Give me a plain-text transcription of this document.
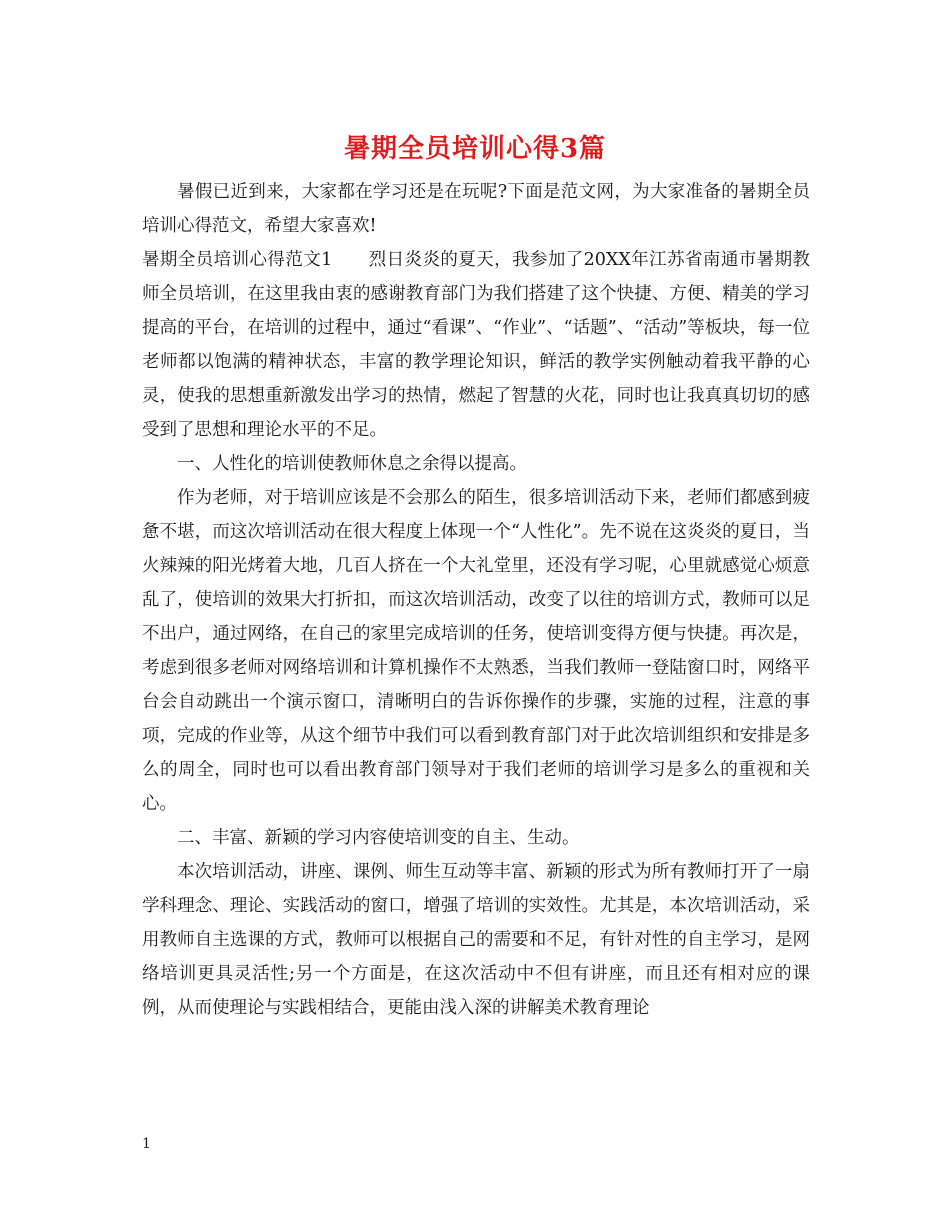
暑期全员培训心得3篇

暑假已近到来，大家都在学习还是在玩呢?下面是范文网，为大家准备的暑期全员培训心得范文，希望大家喜欢!

暑期全员培训心得范文1 烈日炎炎的夏天，我参加了20XX年江苏省南通市暑期教师全员培训，在这里我由衷的感谢教育部门为我们搭建了这个快捷、方便、精美的学习提高的平台，在培训的过程中，通过“看课”、“作业”、“话题”、“活动”等板块，每一位老师都以饱满的精神状态，丰富的教学理论知识，鲜活的教学实例触动着我平静的心灵，使我的思想重新激发出学习的热情，燃起了智慧的火花，同时也让我真真切切的感受到了思想和理论水平的不足。

一、人性化的培训使教师休息之余得以提高。

作为老师，对于培训应该是不会那么的陌生，很多培训活动下来，老师们都感到疲惫不堪，而这次培训活动在很大程度上体现一个“人性化”。先不说在这炎炎的夏日，当火辣辣的阳光烤着大地，几百人挤在一个大礼堂里，还没有学习呢，心里就感觉心烦意乱了，使培训的效果大打折扣，而这次培训活动，改变了以往的培训方式，教师可以足不出户，通过网络，在自己的家里完成培训的任务，使培训变得方便与快捷。再次是，考虑到很多老师对网络培训和计算机操作不太熟悉，当我们教师一登陆窗口时，网络平台会自动跳出一个演示窗口，清晰明白的告诉你操作的步骤，实施的过程，注意的事项，完成的作业等，从这个细节中我们可以看到教育部门对于此次培训组织和安排是多么的周全，同时也可以看出教育部门领导对于我们老师的培训学习是多么的重视和关心。

二、丰富、新颖的学习内容使培训变的自主、生动。

本次培训活动，讲座、课例、师生互动等丰富、新颖的形式为所有教师打开了一扇学科理念、理论、实践活动的窗口，增强了培训的实效性。尤其是，本次培训活动，采用教师自主选课的方式，教师可以根据自己的需要和不足，有针对性的自主学习，是网络培训更具灵活性;另一个方面是，在这次活动中不但有讲座，而且还有相对应的课例，从而使理论与实践相结合，更能由浅入深的讲解美术教育理论

1
